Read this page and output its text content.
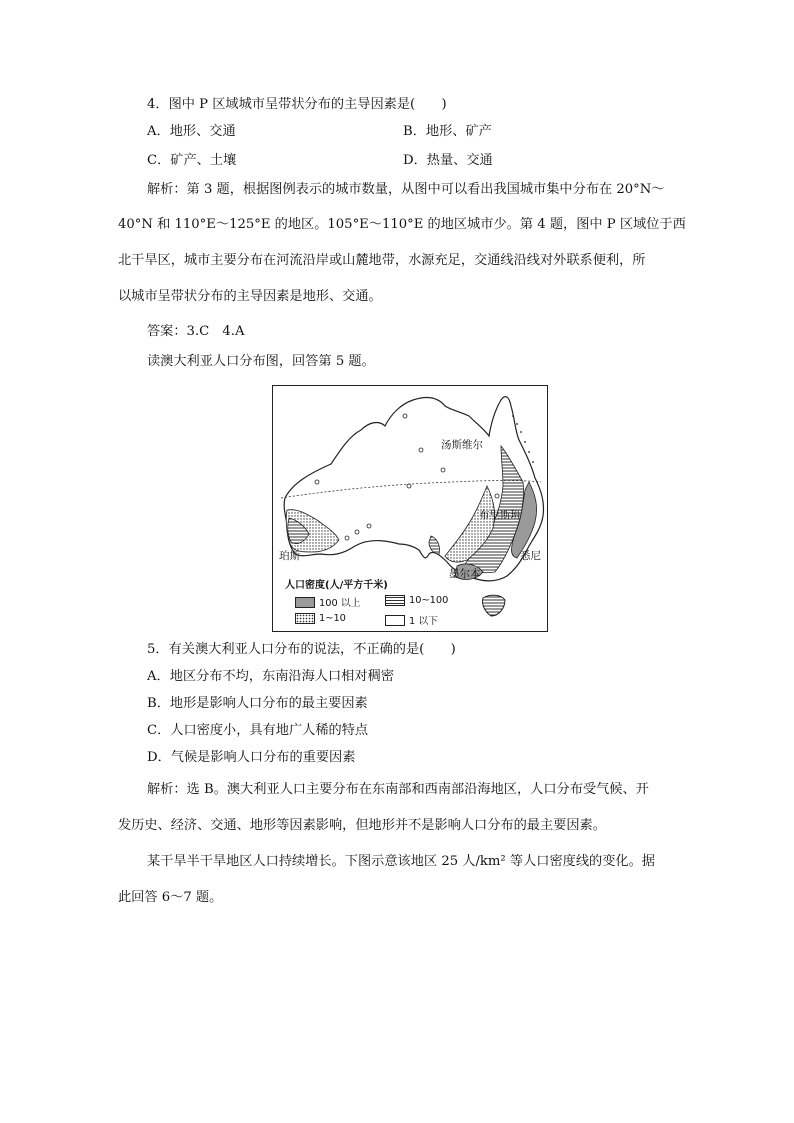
4．图中 P 区域城市呈带状分布的主导因素是(　　)
A．地形、交通	B．地形、矿产
C．矿产、土壤	D．热量、交通
解析：第 3 题，根据图例表示的城市数量，从图中可以看出我国城市集中分布在 20°N～
40°N 和 110°E～125°E 的地区。105°E～110°E 的地区城市少。第 4 题，图中 P 区域位于西
北干旱区，城市主要分布在河流沿岸或山麓地带，水源充足，交通线沿线对外联系便利，所
以城市呈带状分布的主导因素是地形、交通。
答案：3.C　4.A
读澳大利亚人口分布图，回答第 5 题。
汤斯维尔
布里斯班
珀斯	悉尼
墨尔本
人口密度(人/平方千米)
100 以上	10~100
1~10	1 以下
5．有关澳大利亚人口分布的说法，不正确的是(　　)
A．地区分布不均，东南沿海人口相对稠密
B．地形是影响人口分布的最主要因素
C．人口密度小，具有地广人稀的特点
D．气候是影响人口分布的重要因素
解析：选 B。澳大利亚人口主要分布在东南部和西南部沿海地区，人口分布受气候、开
发历史、经济、交通、地形等因素影响，但地形并不是影响人口分布的最主要因素。
某干旱半干旱地区人口持续增长。下图示意该地区 25 人/km² 等人口密度线的变化。据
此回答 6～7 题。
